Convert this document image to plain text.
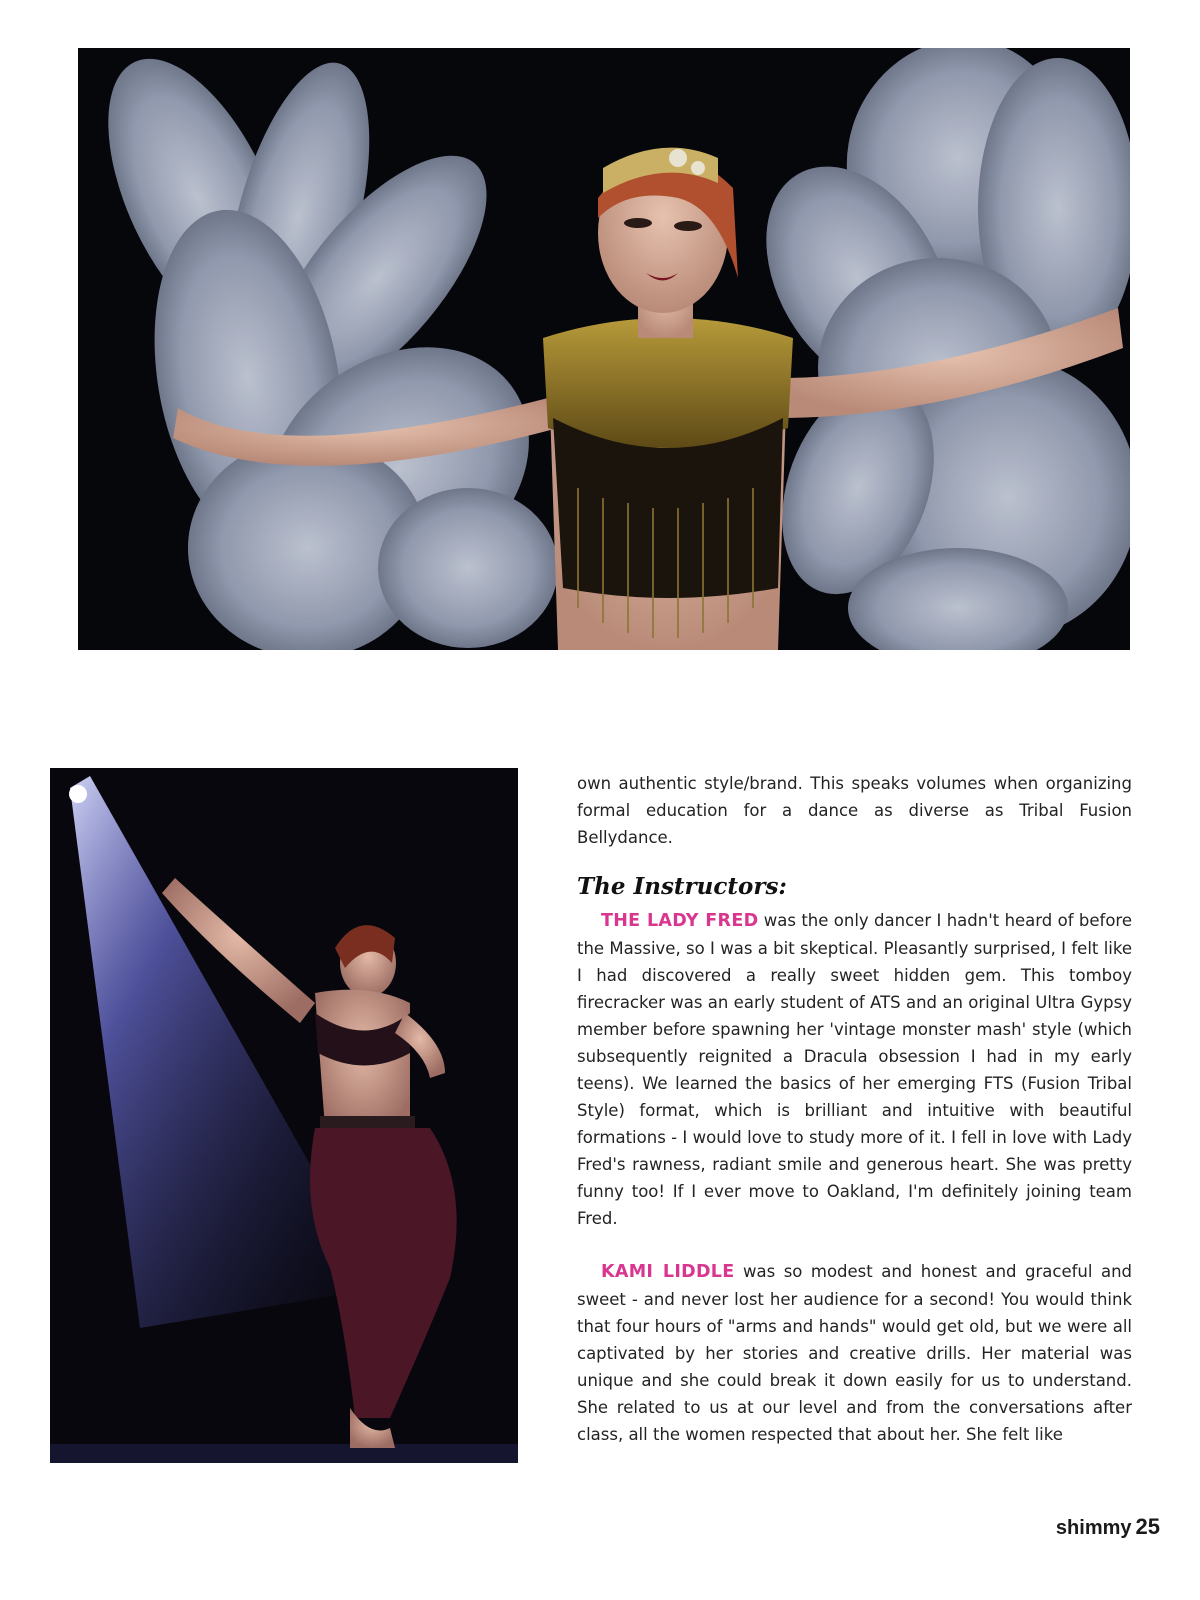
own authentic style/brand. This speaks volumes when organizing formal education for a dance as diverse as Tribal Fusion Bellydance.

The Instructors:

THE LADY FRED was the only dancer I hadn't heard of before the Massive, so I was a bit skeptical. Pleasantly surprised, I felt like I had discovered a really sweet hidden gem. This tomboy firecracker was an early student of ATS and an original Ultra Gypsy member before spawning her 'vintage monster mash' style (which subsequently reignited a Dracula obsession I had in my early teens). We learned the basics of her emerging FTS (Fusion Tribal Style) format, which is brilliant and intuitive with beautiful formations - I would love to study more of it. I fell in love with Lady Fred's rawness, radiant smile and generous heart. She was pretty funny too! If I ever move to Oakland, I'm definitely joining team Fred.

KAMI LIDDLE was so modest and honest and graceful and sweet - and never lost her audience for a second! You would think that four hours of "arms and hands" would get old, but we were all captivated by her stories and creative drills. Her material was unique and she could break it down easily for us to understand. She related to us at our level and from the conversations after class, all the women respected that about her. She felt like

shimmy 25
